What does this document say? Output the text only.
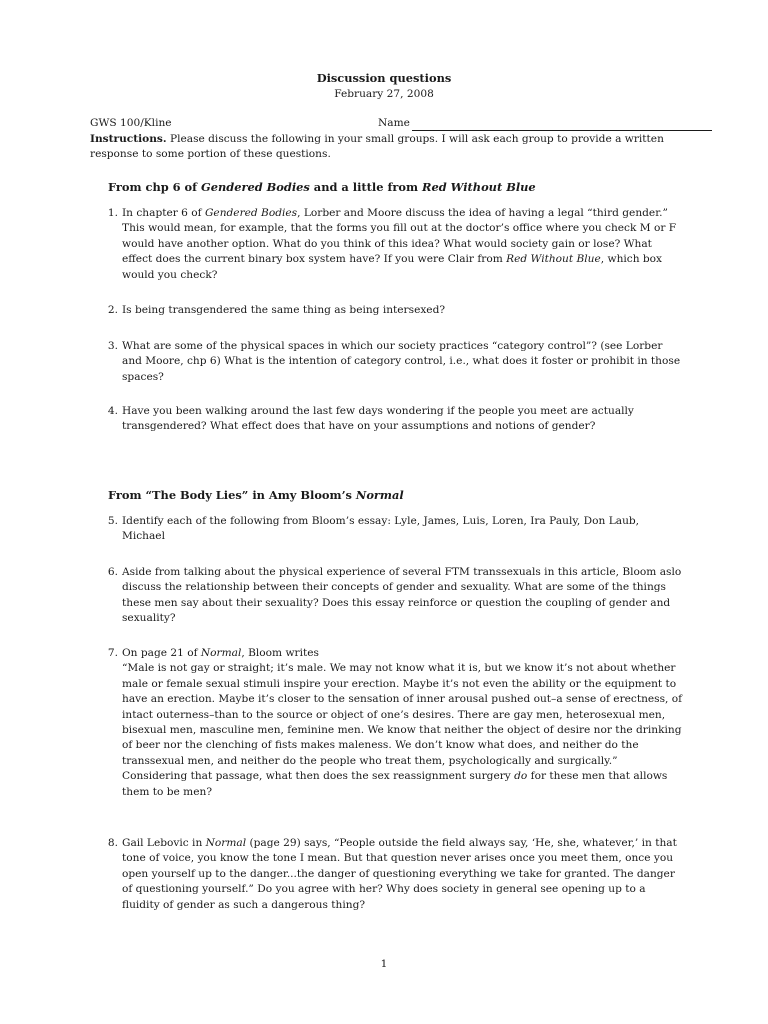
Discussion questions
February 27, 2008
GWS 100/Kline	Name
Instructions. Please discuss the following in your small groups. I will ask each group to provide a written response to some portion of these questions.
From chp 6 of Gendered Bodies and a little from Red Without Blue
1. In chapter 6 of Gendered Bodies, Lorber and Moore discuss the idea of having a legal “third gender.” This would mean, for example, that the forms you fill out at the doctor’s office where you check M or F would have another option. What do you think of this idea? What would society gain or lose? What effect does the current binary box system have? If you were Clair from Red Without Blue, which box would you check?
2. Is being transgendered the same thing as being intersexed?
3. What are some of the physical spaces in which our society practices “category control”? (see Lorber and Moore, chp 6) What is the intention of category control, i.e., what does it foster or prohibit in those spaces?
4. Have you been walking around the last few days wondering if the people you meet are actually transgendered? What effect does that have on your assumptions and notions of gender?
From “The Body Lies” in Amy Bloom’s Normal
5. Identify each of the following from Bloom’s essay: Lyle, James, Luis, Loren, Ira Pauly, Don Laub, Michael
6. Aside from talking about the physical experience of several FTM transsexuals in this article, Bloom aslo discuss the relationship between their concepts of gender and sexuality. What are some of the things these men say about their sexuality? Does this essay reinforce or question the coupling of gender and sexuality?
7. On page 21 of Normal, Bloom writes
“Male is not gay or straight; it’s male. We may not know what it is, but we know it’s not about whether male or female sexual stimuli inspire your erection. Maybe it’s not even the ability or the equipment to have an erection. Maybe it’s closer to the sensation of inner arousal pushed out–a sense of erectness, of intact outerness–than to the source or object of one’s desires. There are gay men, heterosexual men, bisexual men, masculine men, feminine men. We know that neither the object of desire nor the drinking of beer nor the clenching of fists makes maleness. We don’t know what does, and neither do the transsexual men, and neither do the people who treat them, psychologically and surgically.”
Considering that passage, what then does the sex reassignment surgery do for these men that allows them to be men?
8. Gail Lebovic in Normal (page 29) says, “People outside the field always say, ‘He, she, whatever,’ in that tone of voice, you know the tone I mean. But that question never arises once you meet them, once you open yourself up to the danger...the danger of questioning everything we take for granted. The danger of questioning yourself.” Do you agree with her? Why does society in general see opening up to a fluidity of gender as such a dangerous thing?
1
